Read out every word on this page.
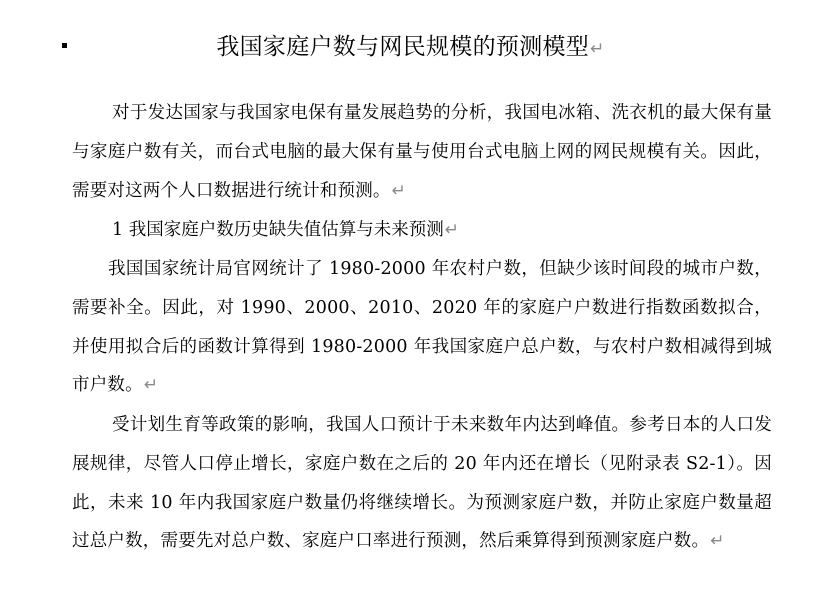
我国家庭户数与网民规模的预测模型↵
对于发达国家与我国家电保有量发展趋势的分析，我国电冰箱、洗衣机的最大保有量与家庭户数有关，而台式电脑的最大保有量与使用台式电脑上网的网民规模有关。因此，需要对这两个人口数据进行统计和预测。↵
1 我国家庭户数历史缺失值估算与未来预测↵
我国国家统计局官网统计了 1980-2000 年农村户数，但缺少该时间段的城市户数，需要补全。因此，对 1990、2000、2010、2020 年的家庭户户数进行指数函数拟合，并使用拟合后的函数计算得到 1980-2000 年我国家庭户总户数，与农村户数相减得到城市户数。↵
受计划生育等政策的影响，我国人口预计于未来数年内达到峰值。参考日本的人口发展规律，尽管人口停止增长，家庭户数在之后的 20 年内还在增长（见附录表 S2-1）。因此，未来 10 年内我国家庭户数量仍将继续增长。为预测家庭户数，并防止家庭户数量超过总户数，需要先对总户数、家庭户口率进行预测，然后乘算得到预测家庭户数。↵
